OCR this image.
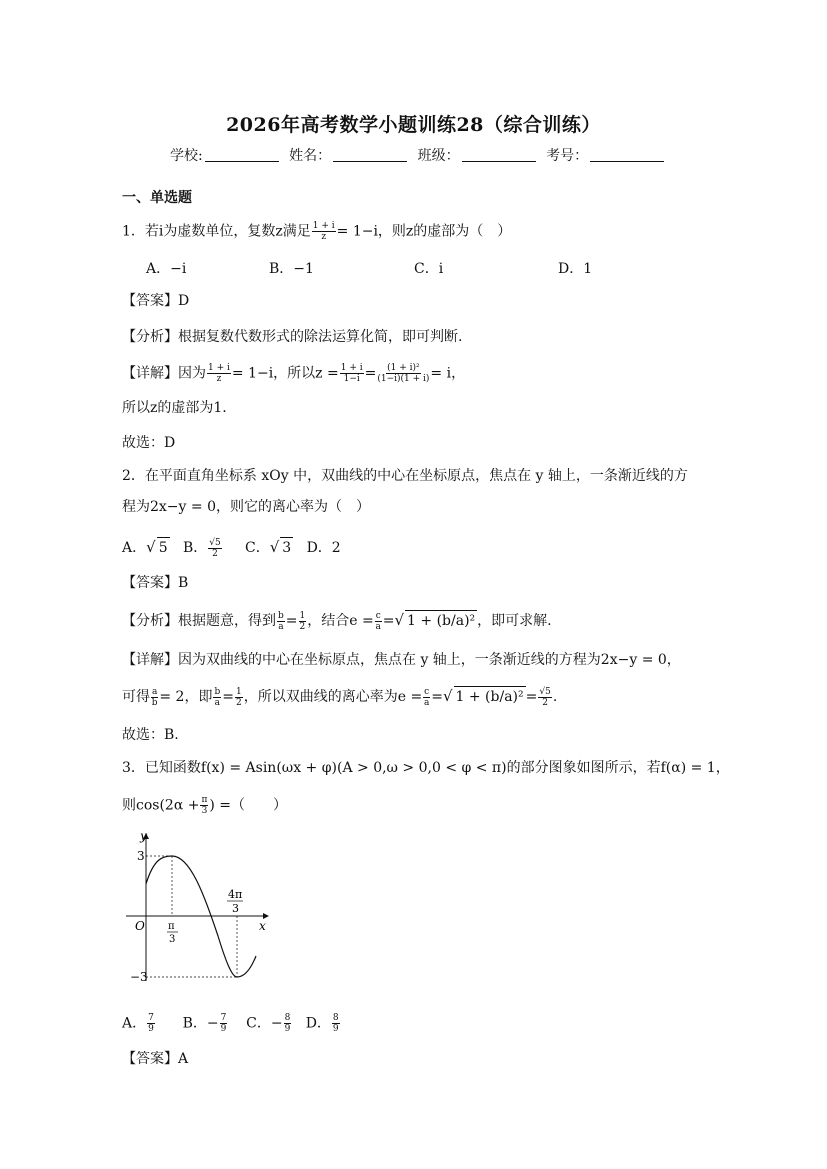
2026年高考数学小题训练28（综合训练）
学校:	姓名：	班级：	考号：
一、单选题
1．若i为虚数单位，复数z满足 $\frac{1 + i}{z} = 1-i$，则z的虚部为（　）
A．−i	B．−1	C．i	D．1
【答案】D
【分析】根据复数代数形式的除法运算化简，即可判断.
【详解】因为 $\frac{1 + i}{z} = 1-i$，所以$z = \frac{1 + i}{1-i} = \frac{\text{(1 + i)²}}{(1-i)(1 + i)} = i$，
所以z的虚部为1.
故选：D
2．在平面直角坐标系 xOy 中，双曲线的中心在坐标原点，焦点在 y 轴上，一条渐近线的方
程为2x−y = 0，则它的离心率为（　）
A．√ 5 B． $\frac{√5}{2}$ C．√ 3 D．2
【答案】B
【分析】根据题意，得到 $\frac{b}{a} = \frac{1}{2}$ ，结合$e = \frac{c}{a}$ =√ 1 + (b/a)² ，即可求解.
【详解】因为双曲线的中心在坐标原点，焦点在 y 轴上，一条渐近线的方程为2x−y = 0，
可得 $\frac{a}{b} = 2$，即 $\frac{b}{a} = \frac{1}{2}$ ，所以双曲线的离心率为$e = \frac{c}{a}$ =√ $1 + (b/a)^2 = \frac{√5}{2}$ .
故选：B.
3．已知函数f(x) = Asin(ωx + φ)(A > 0,ω > 0,0 < φ < π)的部分图象如图所示，若f(α) = 1，
则$\cos(2\alpha + \frac{\pi}{3}$ ) =（　　）
y
x
O
3
−3
π
3
4π
3
A． $\frac{7}{9}$ B．− $\frac{7}{9}$ C．− $\frac{8}{9}$ D． $\frac{8}{9}$
【答案】A
